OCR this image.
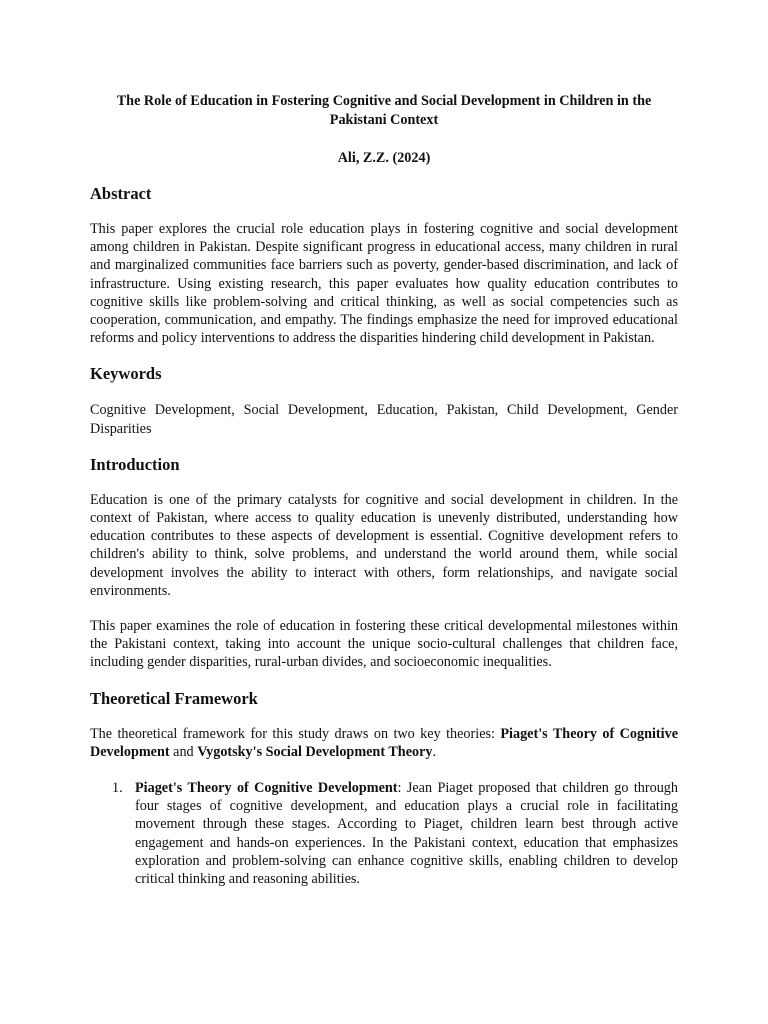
The Role of Education in Fostering Cognitive and Social Development in Children in the Pakistani Context
Ali, Z.Z. (2024)
Abstract

This paper explores the crucial role education plays in fostering cognitive and social development among children in Pakistan. Despite significant progress in educational access, many children in rural and marginalized communities face barriers such as poverty, gender-based discrimination, and lack of infrastructure. Using existing research, this paper evaluates how quality education contributes to cognitive skills like problem-solving and critical thinking, as well as social competencies such as cooperation, communication, and empathy. The findings emphasize the need for improved educational reforms and policy interventions to address the disparities hindering child development in Pakistan.

Keywords

Cognitive Development, Social Development, Education, Pakistan, Child Development, Gender Disparities

Introduction

Education is one of the primary catalysts for cognitive and social development in children. In the context of Pakistan, where access to quality education is unevenly distributed, understanding how education contributes to these aspects of development is essential. Cognitive development refers to children's ability to think, solve problems, and understand the world around them, while social development involves the ability to interact with others, form relationships, and navigate social environments.

This paper examines the role of education in fostering these critical developmental milestones within the Pakistani context, taking into account the unique socio-cultural challenges that children face, including gender disparities, rural-urban divides, and socioeconomic inequalities.

Theoretical Framework

The theoretical framework for this study draws on two key theories: Piaget's Theory of Cognitive Development and Vygotsky's Social Development Theory.

1. Piaget's Theory of Cognitive Development: Jean Piaget proposed that children go through four stages of cognitive development, and education plays a crucial role in facilitating movement through these stages. According to Piaget, children learn best through active engagement and hands-on experiences. In the Pakistani context, education that emphasizes exploration and problem-solving can enhance cognitive skills, enabling children to develop critical thinking and reasoning abilities.
